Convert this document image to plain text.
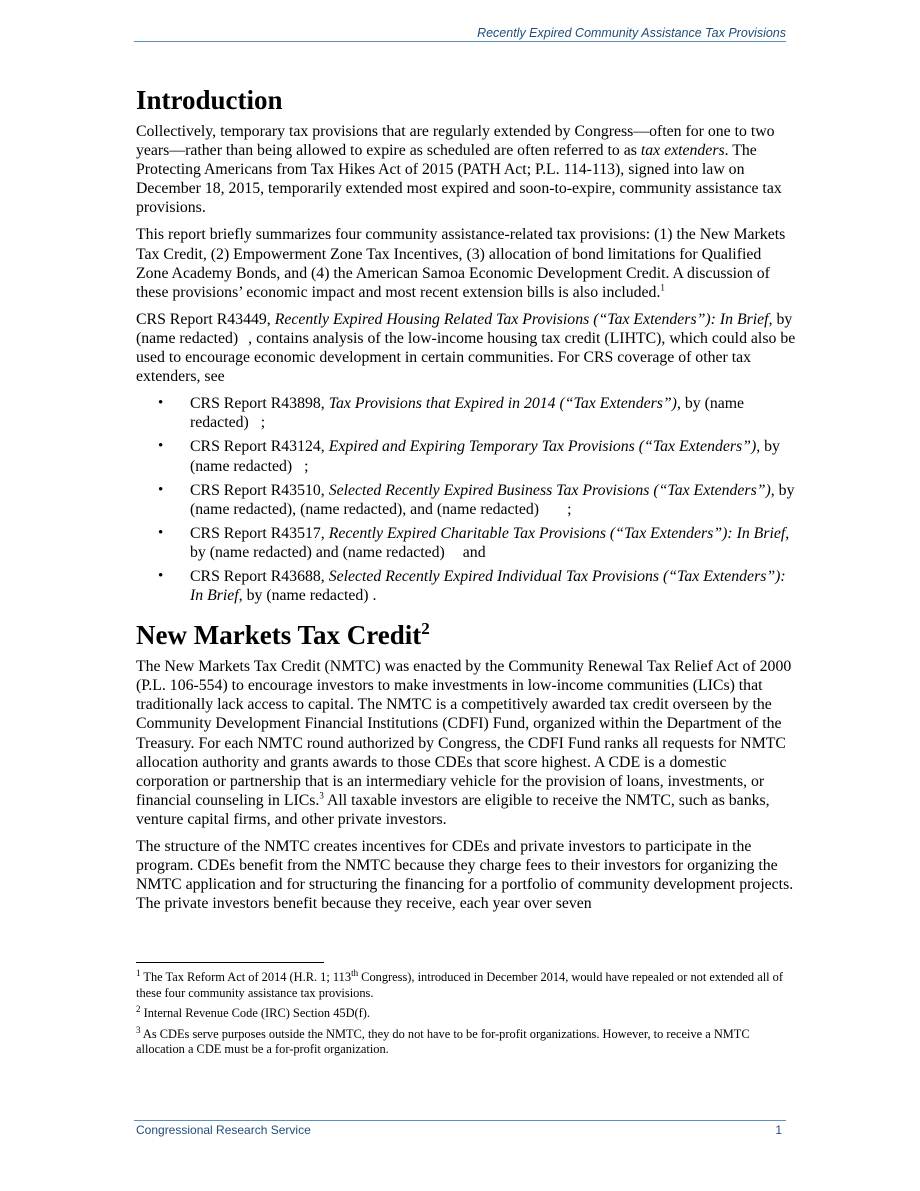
Recently Expired Community Assistance Tax Provisions
Introduction

Collectively, temporary tax provisions that are regularly extended by Congress—often for one to two years—rather than being allowed to expire as scheduled are often referred to as tax extenders. The Protecting Americans from Tax Hikes Act of 2015 (PATH Act; P.L. 114-113), signed into law on December 18, 2015, temporarily extended most expired and soon-to-expire, community assistance tax provisions.

This report briefly summarizes four community assistance-related tax provisions: (1) the New Markets Tax Credit, (2) Empowerment Zone Tax Incentives, (3) allocation of bond limitations for Qualified Zone Academy Bonds, and (4) the American Samoa Economic Development Credit. A discussion of these provisions’ economic impact and most recent extension bills is also included.$^1$

CRS Report R43449, Recently Expired Housing Related Tax Provisions (“Tax Extenders”): In Brief, by (name redacted) , contains analysis of the low-income housing tax credit (LIHTC), which could also be used to encourage economic development in certain communities. For CRS coverage of other tax extenders, see

• CRS Report R43898, Tax Provisions that Expired in 2014 (“Tax Extenders”), by (name redacted) ;
• CRS Report R43124, Expired and Expiring Temporary Tax Provisions (“Tax Extenders”), by (name redacted) ;
• CRS Report R43510, Selected Recently Expired Business Tax Provisions (“Tax Extenders”), by (name redacted), (name redacted), and (name redacted) ;
• CRS Report R43517, Recently Expired Charitable Tax Provisions (“Tax Extenders”): In Brief, by (name redacted) and (name redacted) and
• CRS Report R43688, Selected Recently Expired Individual Tax Provisions (“Tax Extenders”): In Brief, by (name redacted) .
New Markets Tax Credit$^2$

The New Markets Tax Credit (NMTC) was enacted by the Community Renewal Tax Relief Act of 2000 (P.L. 106-554) to encourage investors to make investments in low-income communities (LICs) that traditionally lack access to capital. The NMTC is a competitively awarded tax credit overseen by the Community Development Financial Institutions (CDFI) Fund, organized within the Department of the Treasury. For each NMTC round authorized by Congress, the CDFI Fund ranks all requests for NMTC allocation authority and grants awards to those CDEs that score highest. A CDE is a domestic corporation or partnership that is an intermediary vehicle for the provision of loans, investments, or financial counseling in LICs.$^3$ All taxable investors are eligible to receive the NMTC, such as banks, venture capital firms, and other private investors.

The structure of the NMTC creates incentives for CDEs and private investors to participate in the program. CDEs benefit from the NMTC because they charge fees to their investors for organizing the NMTC application and for structuring the financing for a portfolio of community development projects. The private investors benefit because they receive, each year over seven

$^1$ The Tax Reform Act of 2014 (H.R. 1; 113th Congress), introduced in December 2014, would have repealed or not extended all of these four community assistance tax provisions.
$^2$ Internal Revenue Code (IRC) Section 45D(f).
$^3$ As CDEs serve purposes outside the NMTC, they do not have to be for-profit organizations. However, to receive a NMTC allocation a CDE must be a for-profit organization.
Congressional Research Service	1
